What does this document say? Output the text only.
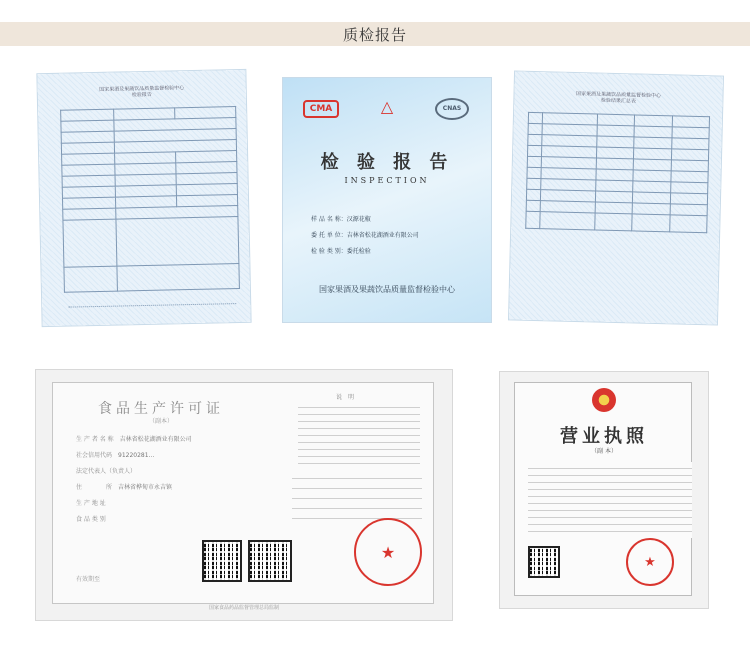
质检报告
国家果酒及果蔬饮品质量监督检验中心
检验报告

CMA	△	CNAS
检 验 报 告
INSPECTION
样 品 名 称：汉源花椒
委 托 单 位：吉林省松花湖酒业有限公司
检 验 类 别：委托检验
国家果酒及果蔬饮品质量监督检验中心
国家果酒及果蔬饮品质量监督检验中心
检验结果汇总表

食品生产许可证
（副本）
生 产 者 名 称　 吉林省松花湖酒业有限公司
社会信用代码　 91220281...
法定代表人（负责人）
住　　　　所　 吉林省桦甸市永吉镇
生 产 地 址
食 品 类 别
说　明
★
有效期至
国家食品药品监督管理总局监制
营业执照
（副 本）
★
